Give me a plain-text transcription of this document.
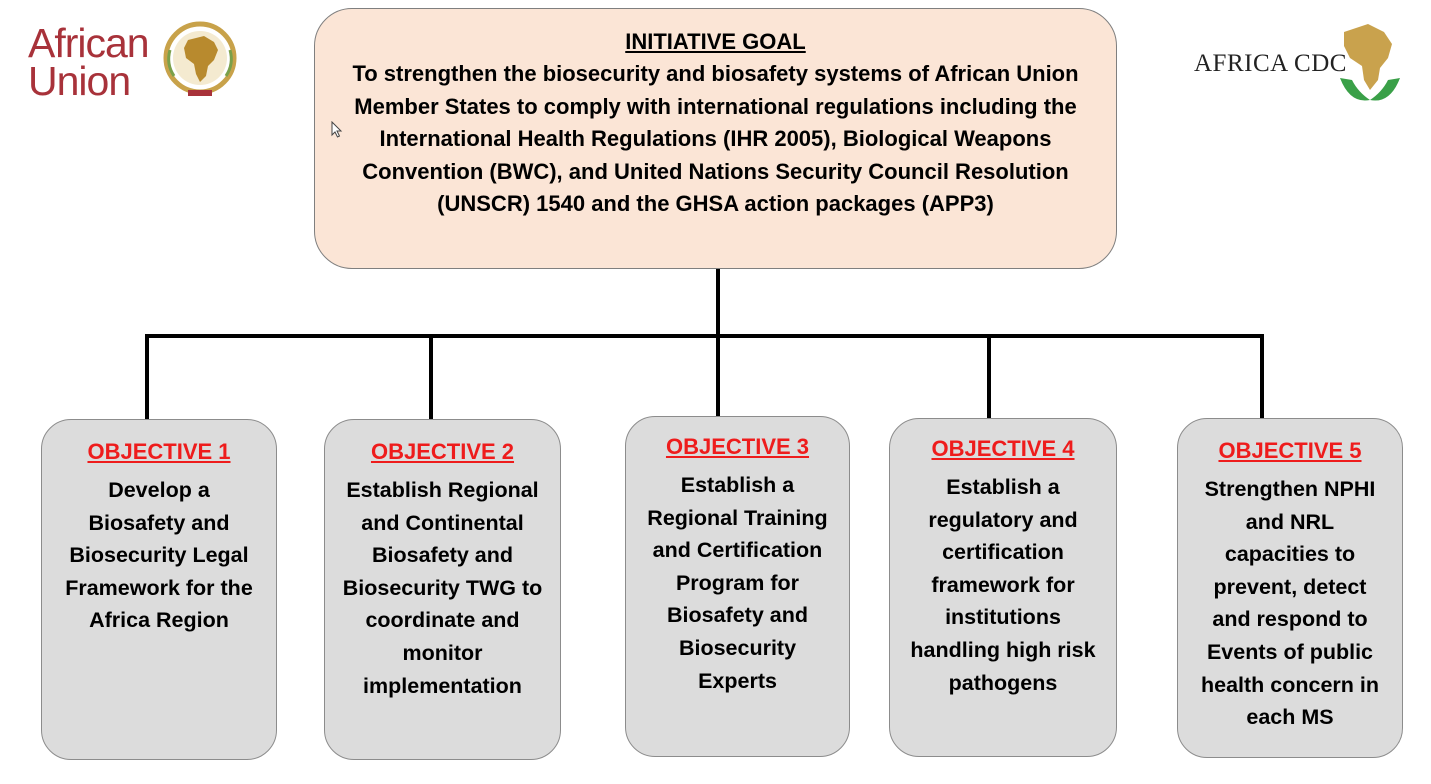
African
Union	AFRICA CDC
INITIATIVE GOAL
To strengthen the biosecurity and biosafety systems of African Union Member States to comply with international regulations including the International Health Regulations (IHR 2005), Biological Weapons Convention (BWC), and United Nations Security Council Resolution (UNSCR) 1540 and the GHSA action packages (APP3)
OBJECTIVE 1
Develop a Biosafety and Biosecurity Legal Framework for the Africa Region
OBJECTIVE 2
Establish Regional and Continental Biosafety and Biosecurity TWG to coordinate and monitor implementation
OBJECTIVE 3
Establish a Regional Training and Certification Program for Biosafety and Biosecurity Experts
OBJECTIVE 4
Establish a regulatory and certification framework for institutions handling high risk pathogens
OBJECTIVE 5
Strengthen NPHI and NRL capacities to prevent, detect and respond to Events of public health concern in each MS
